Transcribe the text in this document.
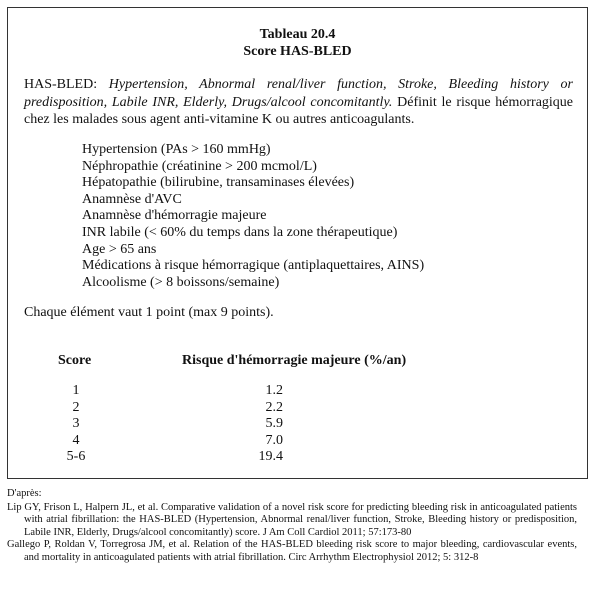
Tableau 20.4
Score HAS-BLED
HAS-BLED: Hypertension, Abnormal renal/liver function, Stroke, Bleeding history or predisposition, Labile INR, Elderly, Drugs/alcool concomitantly. Définit le risque hémorragique chez les malades sous agent anti-vitamine K ou autres anticoagulants.
Hypertension (PAs > 160 mmHg)
Néphropathie (créatinine > 200 mcmol/L)
Hépatopathie (bilirubine, transaminases élevées)
Anamnèse d'AVC
Anamnèse d'hémorragie majeure
INR labile (< 60% du temps dans la zone thérapeutique)
Age > 65 ans
Médications à risque hémorragique (antiplaquettaires, AINS)
Alcoolisme (> 8 boissons/semaine)
Chaque élément vaut 1 point (max 9 points).
Score	Risque d'hémorragie majeure (%/an)
1	1.2
2	2.2
3	5.9
4	7.0
5-6	19.4
D'après:
Lip GY, Frison L, Halpern JL, et al. Comparative validation of a novel risk score for predicting bleeding risk in anticoagulated patients with atrial fibrillation: the HAS-BLED (Hypertension, Abnormal renal/liver function, Stroke, Bleeding history or predisposition, Labile INR, Elderly, Drugs/alcool concomitantly) score. J Am Coll Cardiol 2011; 57:173-80
Gallego P, Roldan V, Torregrosa JM, et al. Relation of the HAS-BLED bleeding risk score to major bleeding, cardiovascular events, and mortality in anticoagulated patients with atrial fibrillation. Circ Arrhythm Electrophysiol 2012; 5: 312-8
